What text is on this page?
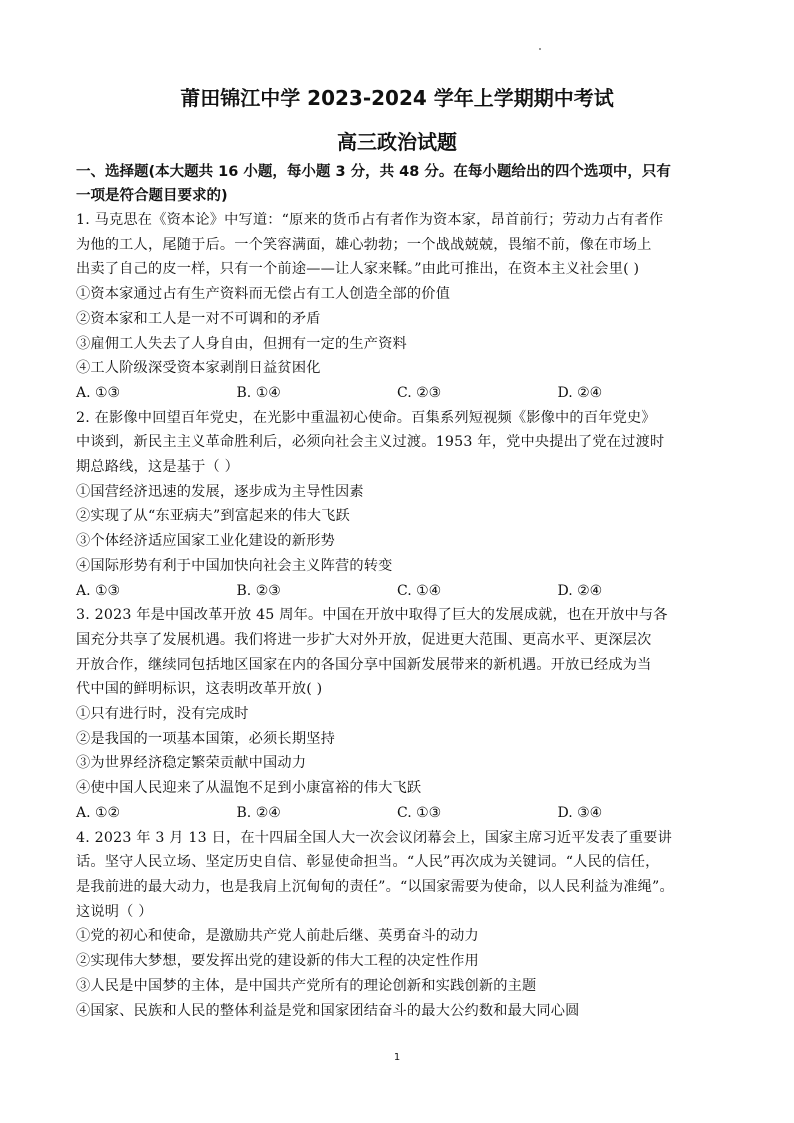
莆田锦江中学 2023-2024 学年上学期期中考试
高三政治试题

一、选择题(本大题共 16 小题，每小题 3 分，共 48 分。在每小题给出的四个选项中，只有

一项是符合题目要求的)

1. 马克思在《资本论》中写道：“原来的货币占有者作为资本家，昂首前行；劳动力占有者作

为他的工人，尾随于后。一个笑容满面，雄心勃勃；一个战战兢兢，畏缩不前，像在市场上

出卖了自己的皮一样，只有一个前途——让人家来鞣。”由此可推出，在资本主义社会里( )

①资本家通过占有生产资料而无偿占有工人创造全部的价值

②资本家和工人是一对不可调和的矛盾

③雇佣工人失去了人身自由，但拥有一定的生产资料

④工人阶级深受资本家剥削日益贫困化

A. ①③	B. ①④	C. ②③	D. ②④

2. 在影像中回望百年党史，在光影中重温初心使命。百集系列短视频《影像中的百年党史》

中谈到，新民主主义革命胜利后，必须向社会主义过渡。1953 年，党中央提出了党在过渡时

期总路线，这是基于（ ）

①国营经济迅速的发展，逐步成为主导性因素

②实现了从“东亚病夫”到富起来的伟大飞跃

③个体经济适应国家工业化建设的新形势

④国际形势有利于中国加快向社会主义阵营的转变

A. ①③	B. ②③	C. ①④	D. ②④

3. 2023 年是中国改革开放 45 周年。中国在开放中取得了巨大的发展成就，也在开放中与各

国充分共享了发展机遇。我们将进一步扩大对外开放，促进更大范围、更高水平、更深层次

开放合作，继续同包括地区国家在内的各国分享中国新发展带来的新机遇。开放已经成为当

代中国的鲜明标识，这表明改革开放( )

①只有进行时，没有完成时

②是我国的一项基本国策，必须长期坚持

③为世界经济稳定繁荣贡献中国动力

④使中国人民迎来了从温饱不足到小康富裕的伟大飞跃

A. ①②	B. ②④	C. ①③	D. ③④

4. 2023 年 3 月 13 日，在十四届全国人大一次会议闭幕会上，国家主席习近平发表了重要讲

话。坚守人民立场、坚定历史自信、彰显使命担当。“人民”再次成为关键词。“人民的信任，

是我前进的最大动力，也是我肩上沉甸甸的责任”。“以国家需要为使命，以人民利益为准绳”。

这说明（ ）

①党的初心和使命，是激励共产党人前赴后继、英勇奋斗的动力

②实现伟大梦想，要发挥出党的建设新的伟大工程的决定性作用

③人民是中国梦的主体，是中国共产党所有的理论创新和实践创新的主题

④国家、民族和人民的整体利益是党和国家团结奋斗的最大公约数和最大同心圆

1
